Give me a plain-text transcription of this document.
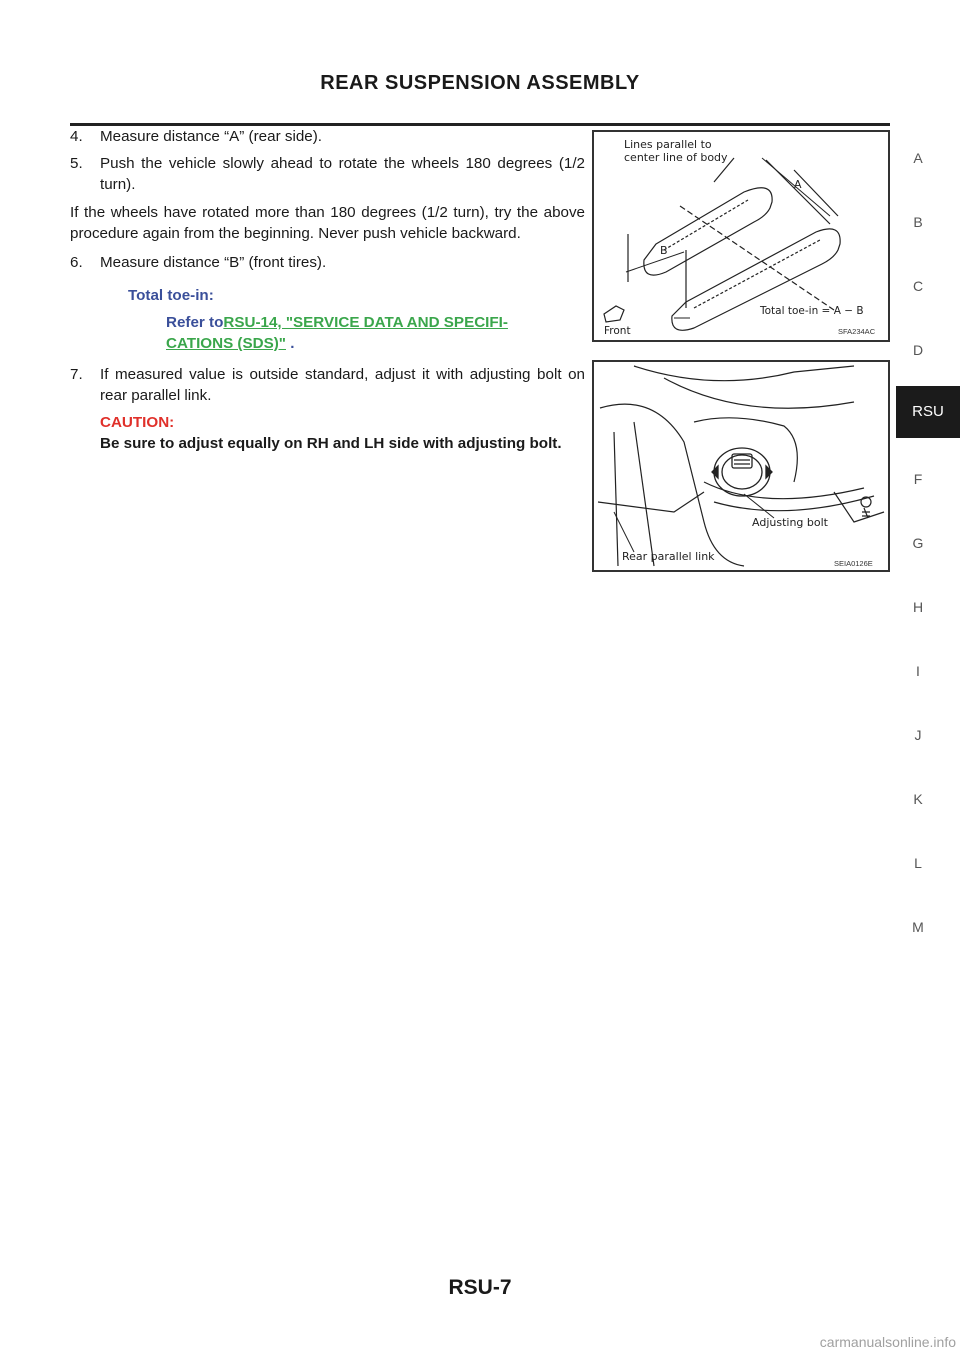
REAR SUSPENSION ASSEMBLY
4.	Measure distance “A” (rear side).
5.	Push the vehicle slowly ahead to rotate the wheels 180 degrees (1/2 turn).

If the wheels have rotated more than 180 degrees (1/2 turn), try the above procedure again from the beginning. Never push vehicle backward.

6.	Measure distance “B” (front tires).
Total toe-in:
Refer toRSU-14, "SERVICE DATA AND SPECIFI-
CATIONS (SDS)" .
7.	If measured value is outside standard, adjust it with adjusting bolt on rear parallel link.
CAUTION:
Be sure to adjust equally on RH and LH side with adjusting bolt.
Lines parallel to
center line of body
A
B
Total toe-in = A − B
Front	SFA234AC
Adjusting bolt
Rear parallel link
SEIA0126E
A
B
C
D
RSU
F
G
H
I
J
K
L
M
RSU-7
carmanualsonline.info
